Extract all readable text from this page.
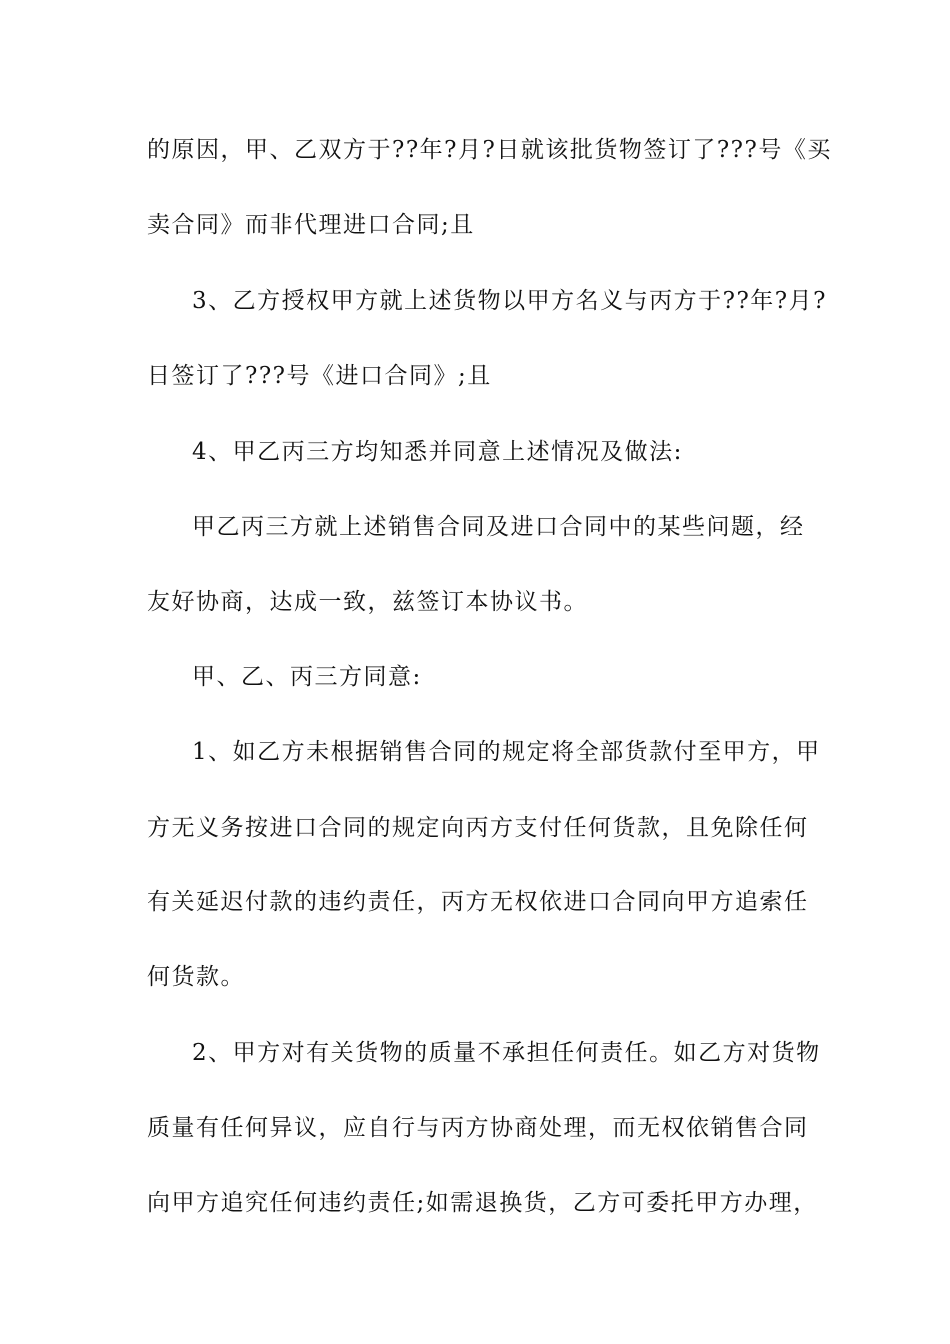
的原因，甲、乙双方于??年?月?日就该批货物签订了???号《买
卖合同》而非代理进口合同;且
3、乙方授权甲方就上述货物以甲方名义与丙方于??年?月?
日签订了???号《进口合同》;且
4、甲乙丙三方均知悉并同意上述情况及做法:
甲乙丙三方就上述销售合同及进口合同中的某些问题，经
友好协商，达成一致，兹签订本协议书。
甲、乙、丙三方同意:
1、如乙方未根据销售合同的规定将全部货款付至甲方，甲
方无义务按进口合同的规定向丙方支付任何货款，且免除任何
有关延迟付款的违约责任，丙方无权依进口合同向甲方追索任
何货款。
2、甲方对有关货物的质量不承担任何责任。如乙方对货物
质量有任何异议，应自行与丙方协商处理，而无权依销售合同
向甲方追究任何违约责任;如需退换货，乙方可委托甲方办理，
